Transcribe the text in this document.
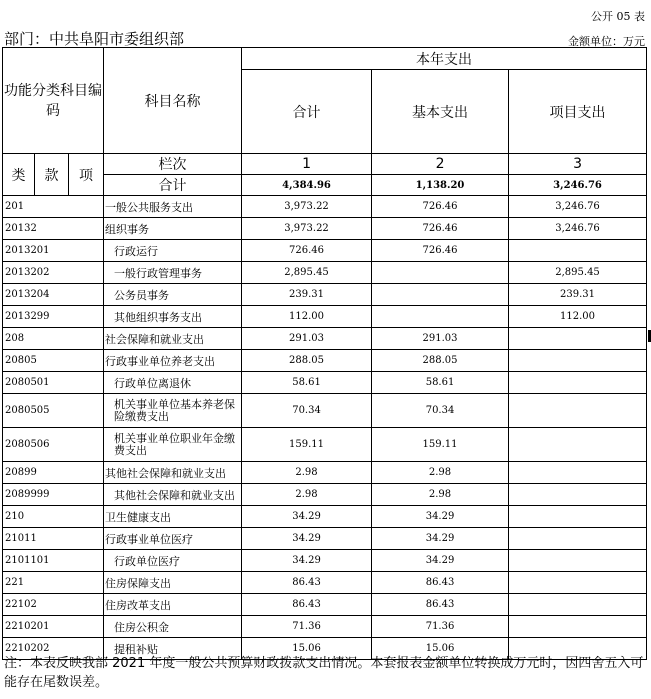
公开 05 表
部门：中共阜阳市委组织部	金额单位：万元
功能分类科目编码			科目名称	本年支出		
				合计	基本支出	项目支出
类	款	项	栏次	1	2	3
			合计	4,384.96	1,138.20	3,246.76
201			一般公共服务支出	3,973.22	726.46	3,246.76
20132			组织事务	3,973.22	726.46	3,246.76
2013201			行政运行	726.46	726.46	
2013202			一般行政管理事务	2,895.45		2,895.45
2013204			公务员事务	239.31		239.31
2013299			其他组织事务支出	112.00		112.00
208			社会保障和就业支出	291.03	291.03	
20805			行政事业单位养老支出	288.05	288.05	
2080501			行政单位离退休	58.61	58.61	
2080505			机关事业单位基本养老保险缴费支出	70.34	70.34	
2080506			机关事业单位职业年金缴费支出	159.11	159.11	
20899			其他社会保障和就业支出	2.98	2.98	
2089999			其他社会保障和就业支出	2.98	2.98	
210			卫生健康支出	34.29	34.29	
21011			行政事业单位医疗	34.29	34.29	
2101101			行政单位医疗	34.29	34.29	
221			住房保障支出	86.43	86.43	
22102			住房改革支出	86.43	86.43	
2210201			住房公积金	71.36	71.36	
2210202			提租补贴	15.06	15.06	
注：本表反映我部 2021 年度一般公共预算财政拨款支出情况。本套报表金额单位转换成万元时，因四舍五入可能存在尾数误差。
